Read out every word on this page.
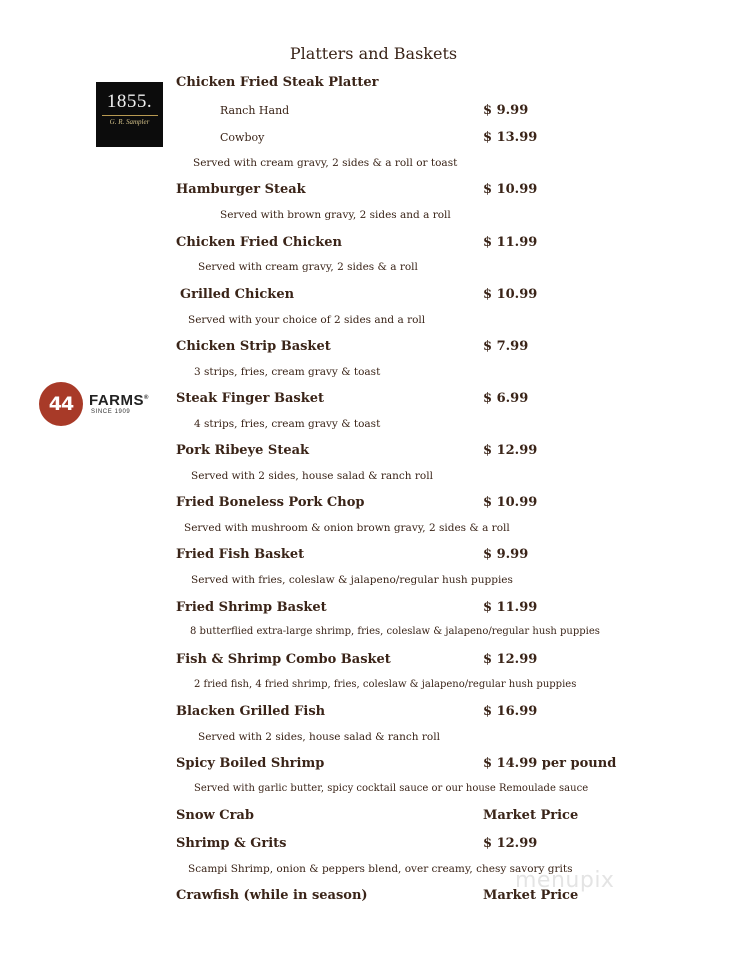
Platters and Baskets
1855.
G. R. Sampler
44	FARMS®
SINCE 1909
Chicken Fried Steak Platter
Ranch Hand	$ 9.99
Cowboy	$ 13.99
Served with cream gravy, 2 sides & a roll or toast
Hamburger Steak	$ 10.99
Served with brown gravy, 2 sides and a roll
Chicken Fried Chicken	$ 11.99
Served with cream gravy, 2 sides & a roll
Grilled Chicken	$ 10.99
Served with your choice of 2 sides and a roll
Chicken Strip Basket	$ 7.99
3 strips, fries, cream gravy & toast
Steak Finger Basket	$ 6.99
4 strips, fries, cream gravy & toast
Pork Ribeye Steak	$ 12.99
Served with 2 sides, house salad & ranch roll
Fried Boneless Pork Chop	$ 10.99
Served with mushroom & onion brown gravy, 2 sides & a roll
Fried Fish Basket	$ 9.99
Served with fries, coleslaw & jalapeno/regular hush puppies
Fried Shrimp Basket	$ 11.99
8 butterflied extra-large shrimp, fries, coleslaw & jalapeno/regular hush puppies
Fish & Shrimp Combo Basket	$ 12.99
2 fried fish, 4 fried shrimp, fries, coleslaw & jalapeno/regular hush puppies
Blacken Grilled Fish	$ 16.99
Served with 2 sides, house salad & ranch roll
Spicy Boiled Shrimp	$ 14.99 per pound
Served with garlic butter, spicy cocktail sauce or our house Remoulade sauce
Snow Crab	Market Price
Shrimp & Grits	$ 12.99
Scampi Shrimp, onion & peppers blend, over creamy, chesy savory grits
Crawfish (while in season)	Market Price
menupix
